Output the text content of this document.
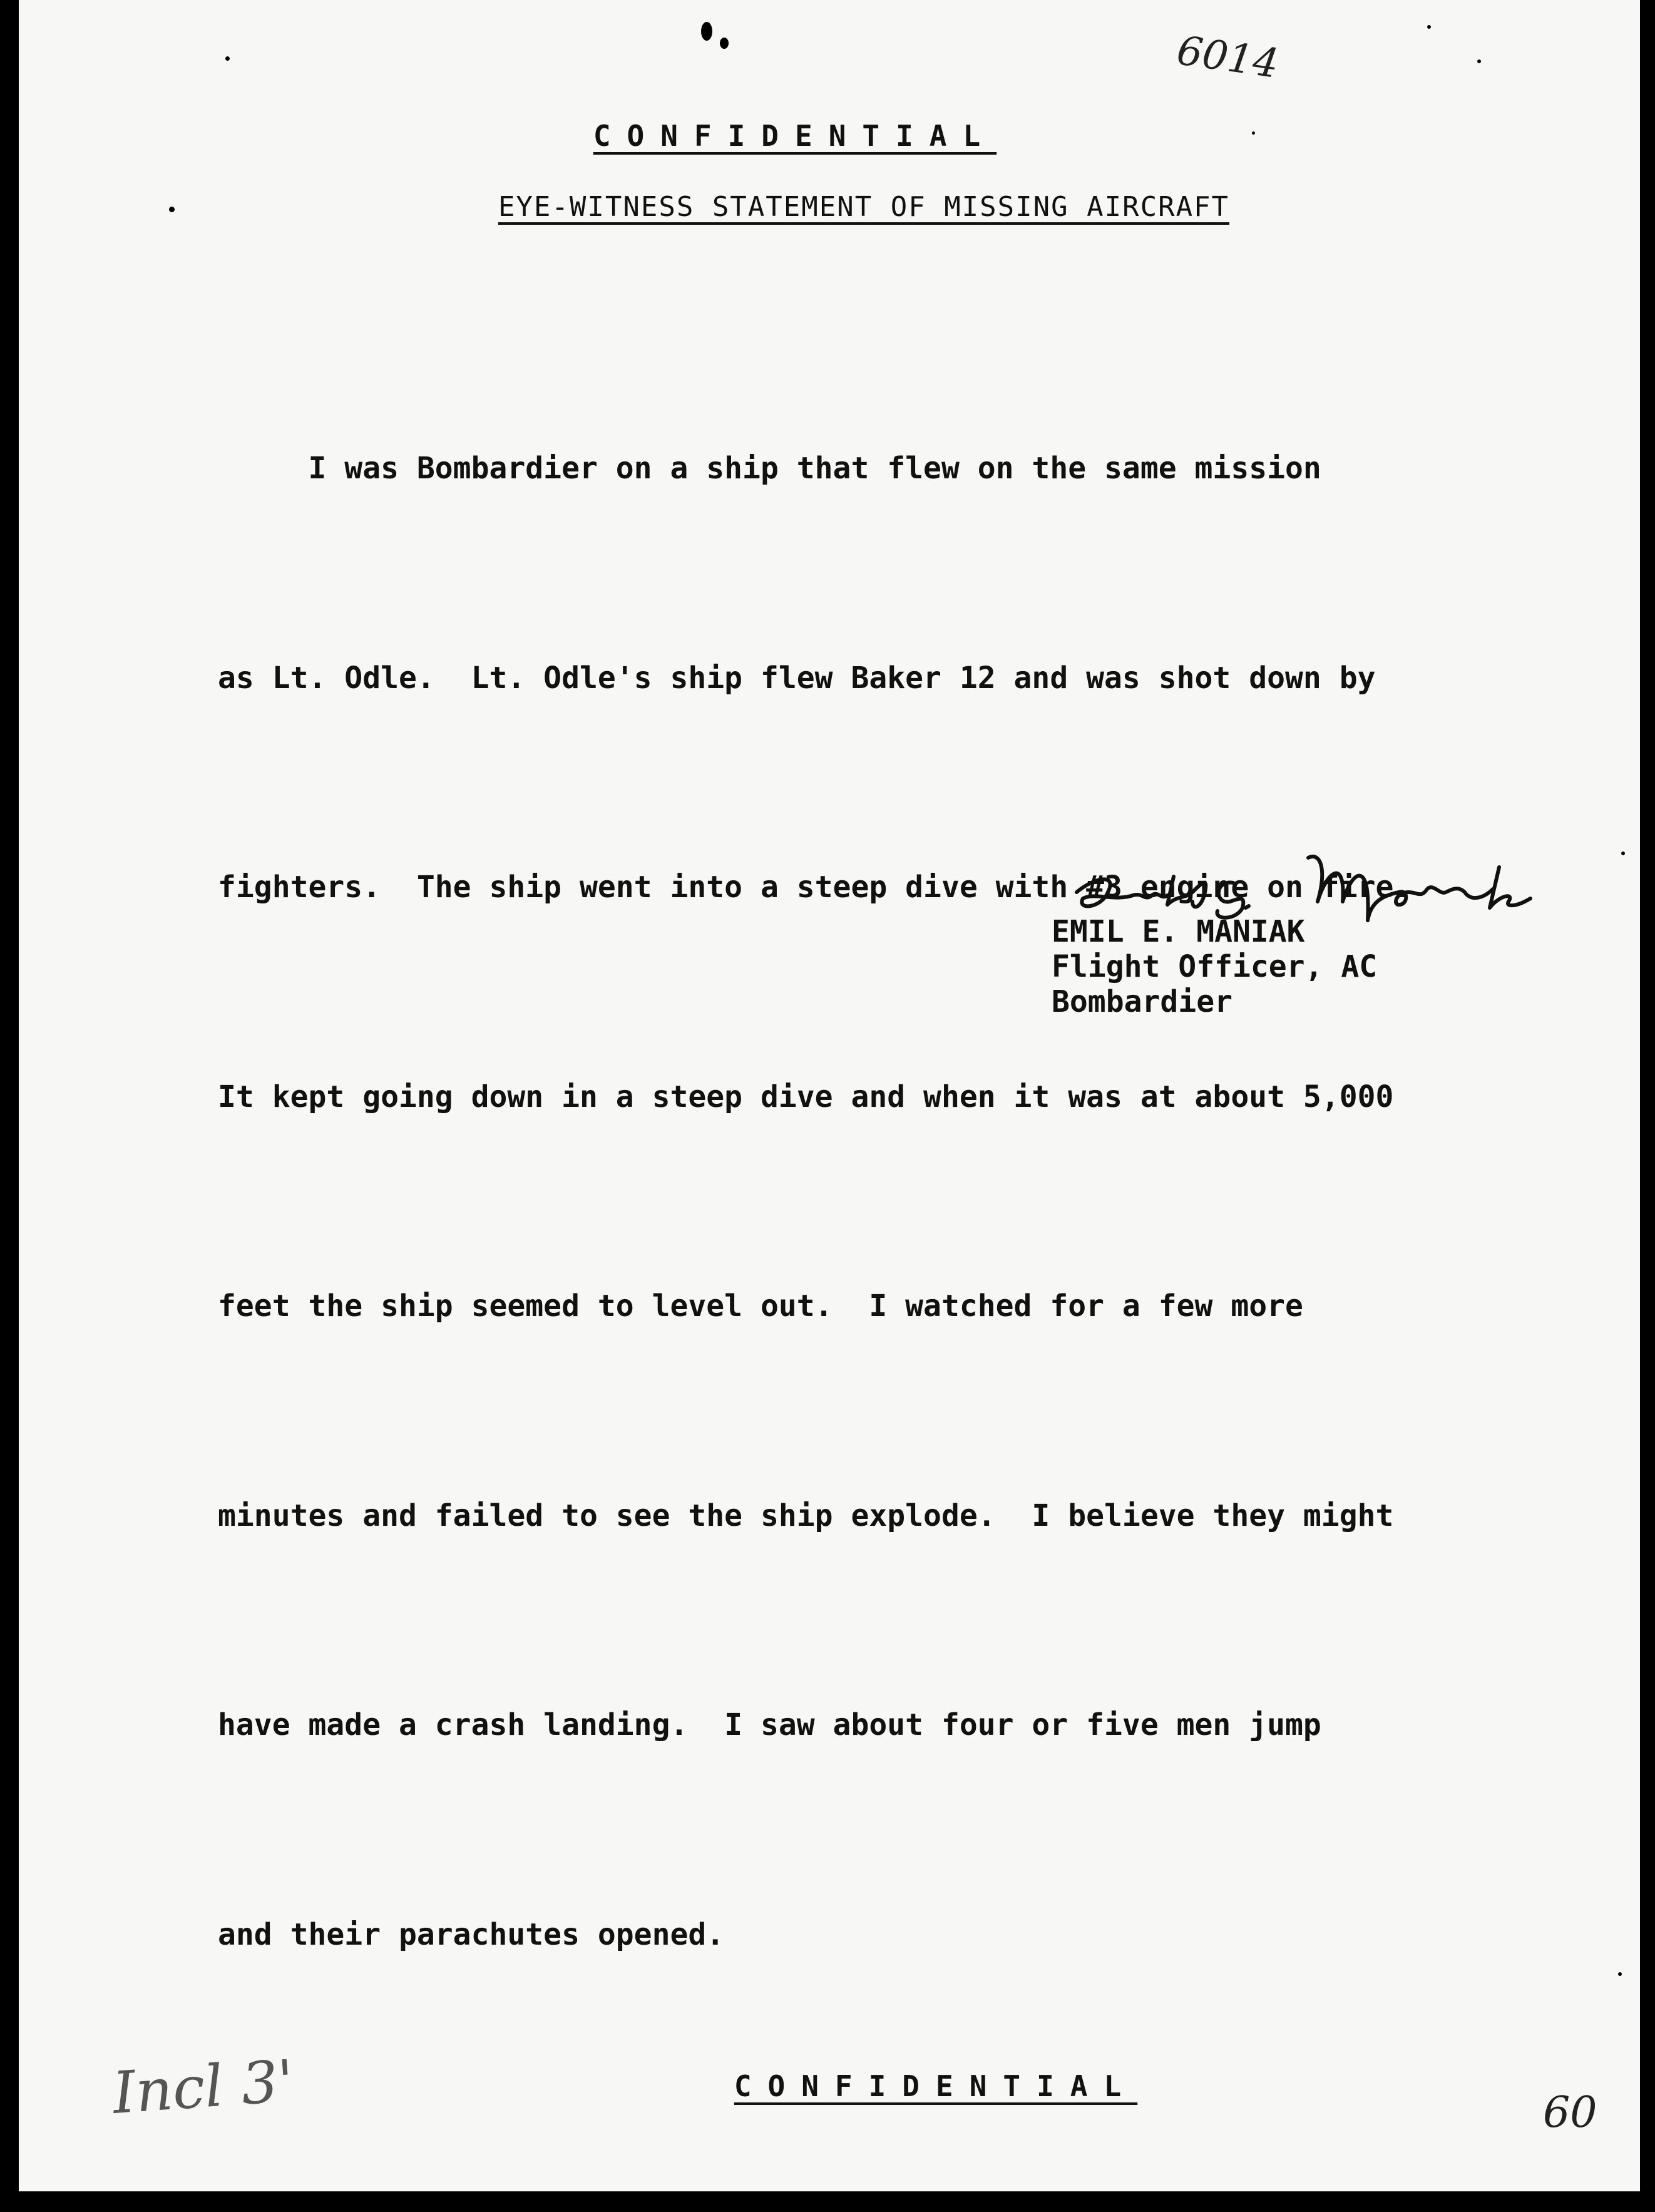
6014
CONFIDENTIAL
EYE-WITNESS STATEMENT OF MISSING AIRCRAFT

I was Bombardier on a ship that flew on the same mission

as Lt. Odle.  Lt. Odle's ship flew Baker 12 and was shot down by

fighters.  The ship went into a steep dive with #3 engine on fire.

It kept going down in a steep dive and when it was at about 5,000

feet the ship seemed to level out.  I watched for a few more

minutes and failed to see the ship explode.  I believe they might

have made a crash landing.  I saw about four or five men jump

and their parachutes opened.

EMIL E. MANIAK
Flight Officer, AC
Bombardier
CONFIDENTIAL
Incl 3'	60
